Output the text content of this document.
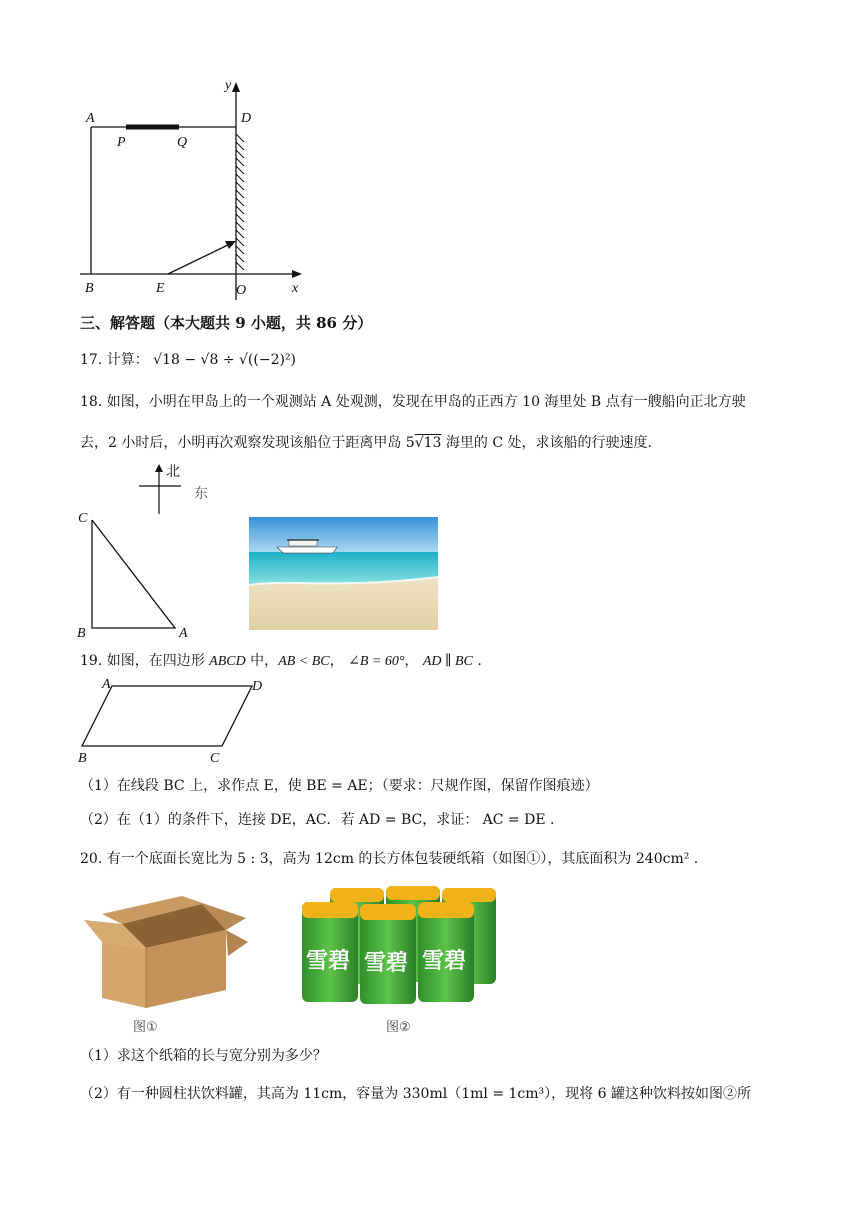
A
P	Q
D
y
B	E	O	x
三、解答题（本大题共 9 小题，共 86 分）
17. 计算： √18 − √8 ÷ √((−2)²)
18. 如图，小明在甲岛上的一个观测站 A 处观测，发现在甲岛的正西方 10 海里处 B 点有一艘船向正北方驶
去，2 小时后，小明再次观察发现该船位于距离甲岛 5√13 海里的 C 处，求该船的行驶速度.
北
东
C
B	A
19. 如图，在四边形 ABCD 中，AB < BC， ∠B = 60°， AD ∥ BC .
A	D
B	C
（1）在线段 BC 上，求作点 E，使 BE = AE；（要求：尺规作图，保留作图痕迹）
（2）在（1）的条件下，连接 DE，AC．若 AD = BC，求证： AC = DE .
20. 有一个底面长宽比为 5 : 3，高为 12cm 的长方体包装硬纸箱（如图①），其底面积为 240cm² .
图①
雪碧 雪碧 雪碧
图②
（1）求这个纸箱的长与宽分别为多少？
（2）有一种圆柱状饮料罐，其高为 11cm，容量为 330ml（1ml = 1cm³），现将 6 罐这种饮料按如图②所
